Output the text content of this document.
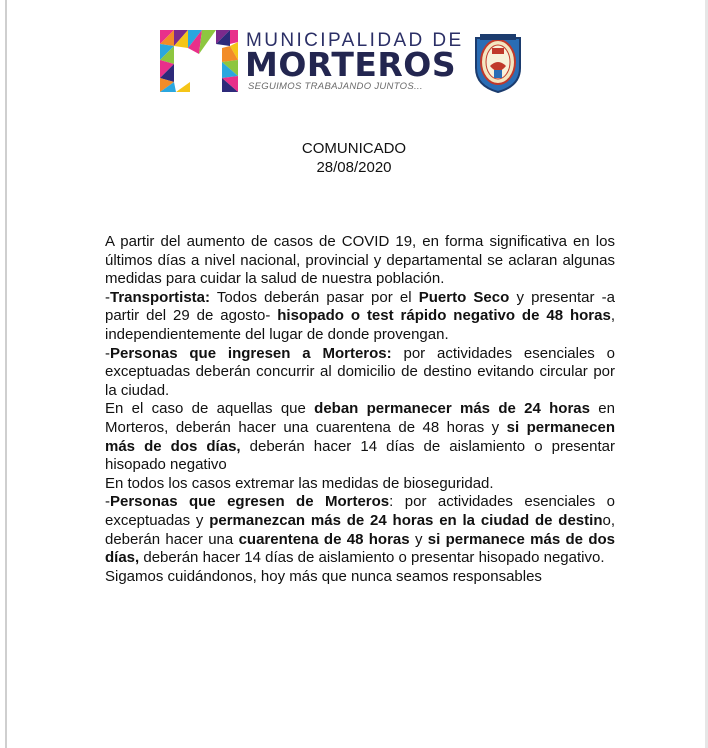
MUNICIPALIDAD DE
MORTEROS
SEGUIMOS TRABAJANDO JUNTOS...
COMUNICADO
28/08/2020

A partir del aumento de casos de COVID 19, en forma significativa en los últimos días a nivel nacional, provincial y departamental se aclaran algunas medidas para cuidar la salud de nuestra población.

-Transportista: Todos deberán pasar por el Puerto Seco y presentar -a partir del 29 de agosto- hisopado o test rápido negativo de 48 horas, independientemente del lugar de donde provengan.

-Personas que ingresen a Morteros: por actividades esenciales o exceptuadas deberán concurrir al domicilio de destino evitando circular por la ciudad.

En el caso de aquellas que deban permanecer más de 24 horas en Morteros, deberán hacer una cuarentena de 48 horas y si permanecen más de dos días, deberán hacer 14 días de aislamiento o presentar hisopado negativo

En todos los casos extremar las medidas de bioseguridad.

-Personas que egresen de Morteros: por actividades esenciales o exceptuadas y permanezcan más de 24 horas en la ciudad de destino, deberán hacer una cuarentena de 48 horas y si permanece más de dos días, deberán hacer 14 días de aislamiento o presentar hisopado negativo.

Sigamos cuidándonos, hoy más que nunca seamos responsables
